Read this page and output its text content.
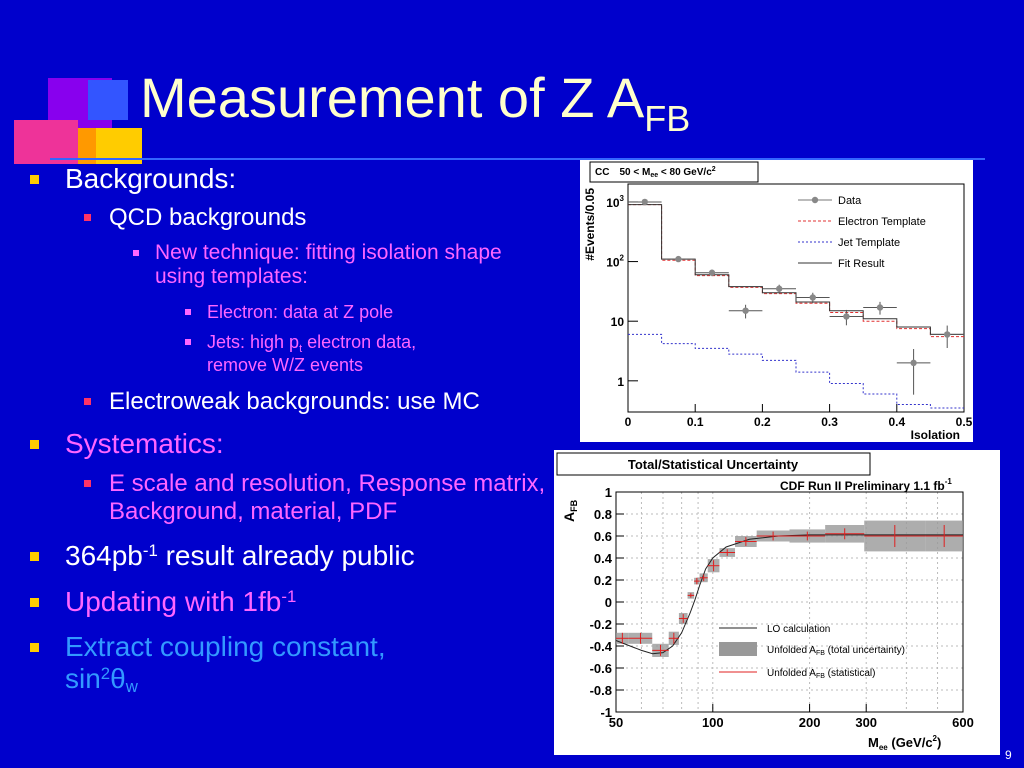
Measurement of Z $A_{FB}$
Backgrounds:
QCD backgrounds
New technique: fitting isolation shape using templates:
Electron: data at Z pole
Jets: high $p_t$ electron data,
remove W/Z events
Electroweak backgrounds: use MC
Systematics:
E scale and resolution, Response matrix, Background, material, PDF
$364pb^{-1}$ result already public
Updating with $1fb^{-1}$
Extract coupling constant,
$\sin^2\theta w$
CC $50 < M_{ee} < 80$ GeV/$c^2$
0	0.1	0.2	0.3	0.4	0.5
1
10
$10^2$
$10^3$
Isolation
#Events/0.05	Data
Electron Template
Jet Template
Fit Result
Total/Statistical Uncertainty
50	100	200	300	600
1
0.8
0.6
0.4
0.2
0
-0.2
-0.4
-0.6
-0.8
-1
CDF Run II Preliminary 1.1 $fb^{-1}$
$A_{FB}$
$M_{ee}$ $(GeV/c^2)$
LO calculation
Unfolded $A_{FB}$ (total uncertainty)
Unfolded $A_{FB}$ (statistical)
9
